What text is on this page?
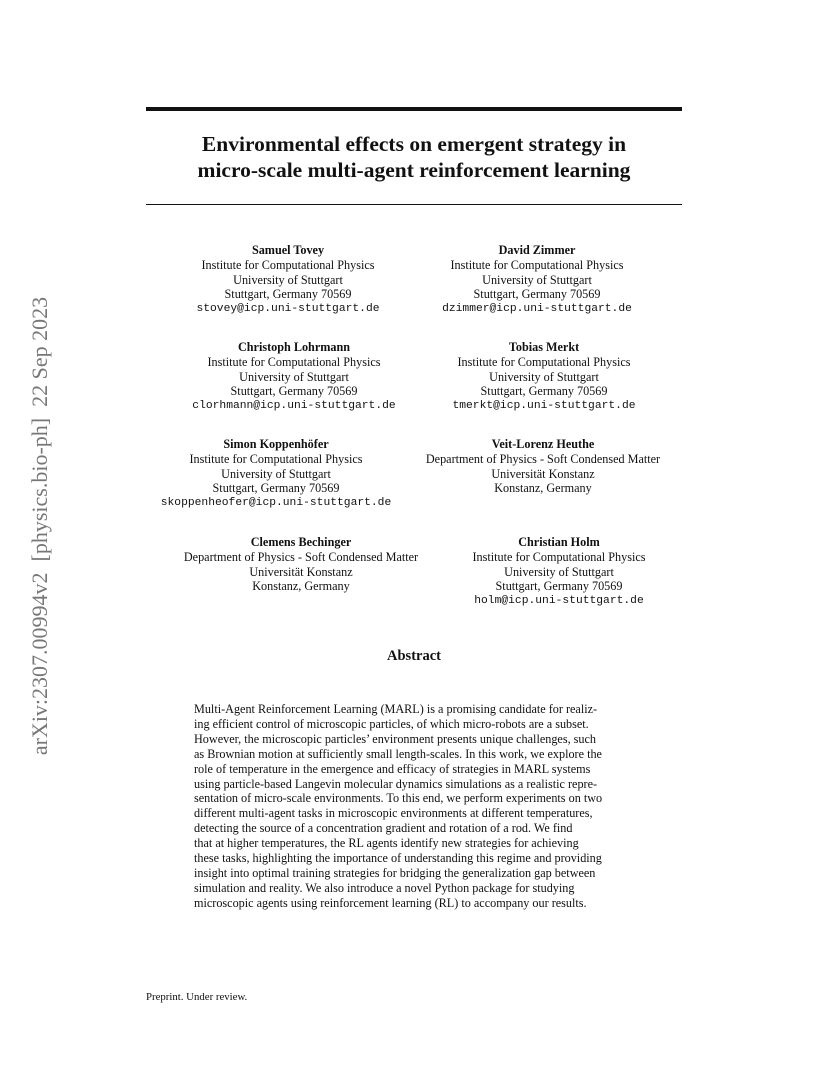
arXiv:2307.00994v2  [physics.bio-ph]  22 Sep 2023
Environmental effects on emergent strategy in
micro-scale multi-agent reinforcement learning
Samuel Tovey
Institute for Computational Physics
University of Stuttgart
Stuttgart, Germany 70569
stovey@icp.uni-stuttgart.de
David Zimmer
Institute for Computational Physics
University of Stuttgart
Stuttgart, Germany 70569
dzimmer@icp.uni-stuttgart.de
Christoph Lohrmann
Institute for Computational Physics
University of Stuttgart
Stuttgart, Germany 70569
clorhmann@icp.uni-stuttgart.de
Tobias Merkt
Institute for Computational Physics
University of Stuttgart
Stuttgart, Germany 70569
tmerkt@icp.uni-stuttgart.de
Simon Koppenhöfer
Institute for Computational Physics
University of Stuttgart
Stuttgart, Germany 70569
skoppenheofer@icp.uni-stuttgart.de
Veit-Lorenz Heuthe
Department of Physics - Soft Condensed Matter
Universität Konstanz
Konstanz, Germany
Clemens Bechinger
Department of Physics - Soft Condensed Matter
Universität Konstanz
Konstanz, Germany
Christian Holm
Institute for Computational Physics
University of Stuttgart
Stuttgart, Germany 70569
holm@icp.uni-stuttgart.de
Abstract
Multi-Agent Reinforcement Learning (MARL) is a promising candidate for realiz-
ing efficient control of microscopic particles, of which micro-robots are a subset.
However, the microscopic particles’ environment presents unique challenges, such
as Brownian motion at sufficiently small length-scales. In this work, we explore the
role of temperature in the emergence and efficacy of strategies in MARL systems
using particle-based Langevin molecular dynamics simulations as a realistic repre-
sentation of micro-scale environments. To this end, we perform experiments on two
different multi-agent tasks in microscopic environments at different temperatures,
detecting the source of a concentration gradient and rotation of a rod. We find
that at higher temperatures, the RL agents identify new strategies for achieving
these tasks, highlighting the importance of understanding this regime and providing
insight into optimal training strategies for bridging the generalization gap between
simulation and reality. We also introduce a novel Python package for studying
microscopic agents using reinforcement learning (RL) to accompany our results.
Preprint. Under review.
